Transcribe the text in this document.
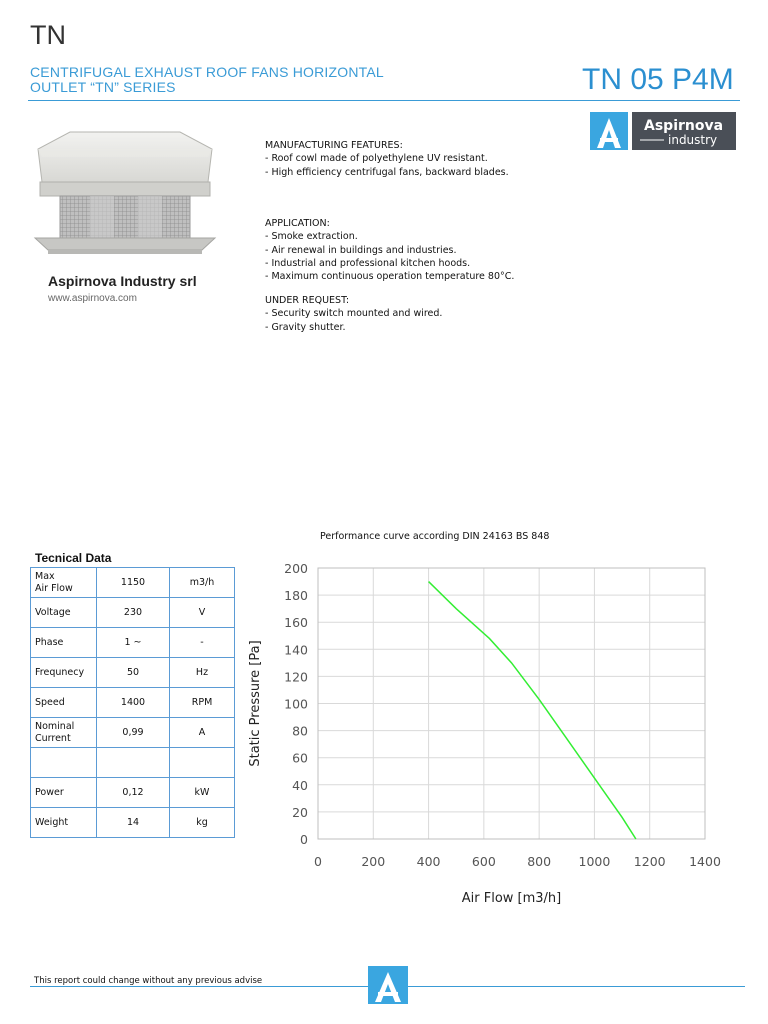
TN
CENTRIFUGAL EXHAUST ROOF FANS HORIZONTAL
OUTLET “TN” SERIES	TN 05 P4M
Aspirnova
industry
Aspirnova Industry srl
www.aspirnova.com
MANUFACTURING FEATURES:
- Roof cowl made of polyethylene UV resistant.
- High efficiency centrifugal fans, backward blades.
APPLICATION:
- Smoke extraction.
- Air renewal in buildings and industries.
- Industrial and professional kitchen hoods.
- Maximum continuous operation temperature 80°C.
UNDER REQUEST:
- Security switch mounted and wired.
- Gravity shutter.
Tecnical Data
Max
Air Flow	1150	m3/h
Voltage	230	V
Phase	1 ~	-
Frequnecy	50	Hz
Speed	1400	RPM
Nominal
Current	0,99	A

Power	0,12	kW
Weight	14	kg
Performance curve according DIN 24163 BS 848
0
20
40
60
80
100
120
140
160
180
200
0	200	400	600	800 1000 1200 1400
Air Flow [m3/h]
Static Pressure [Pa]
This report could change without any previous advise
